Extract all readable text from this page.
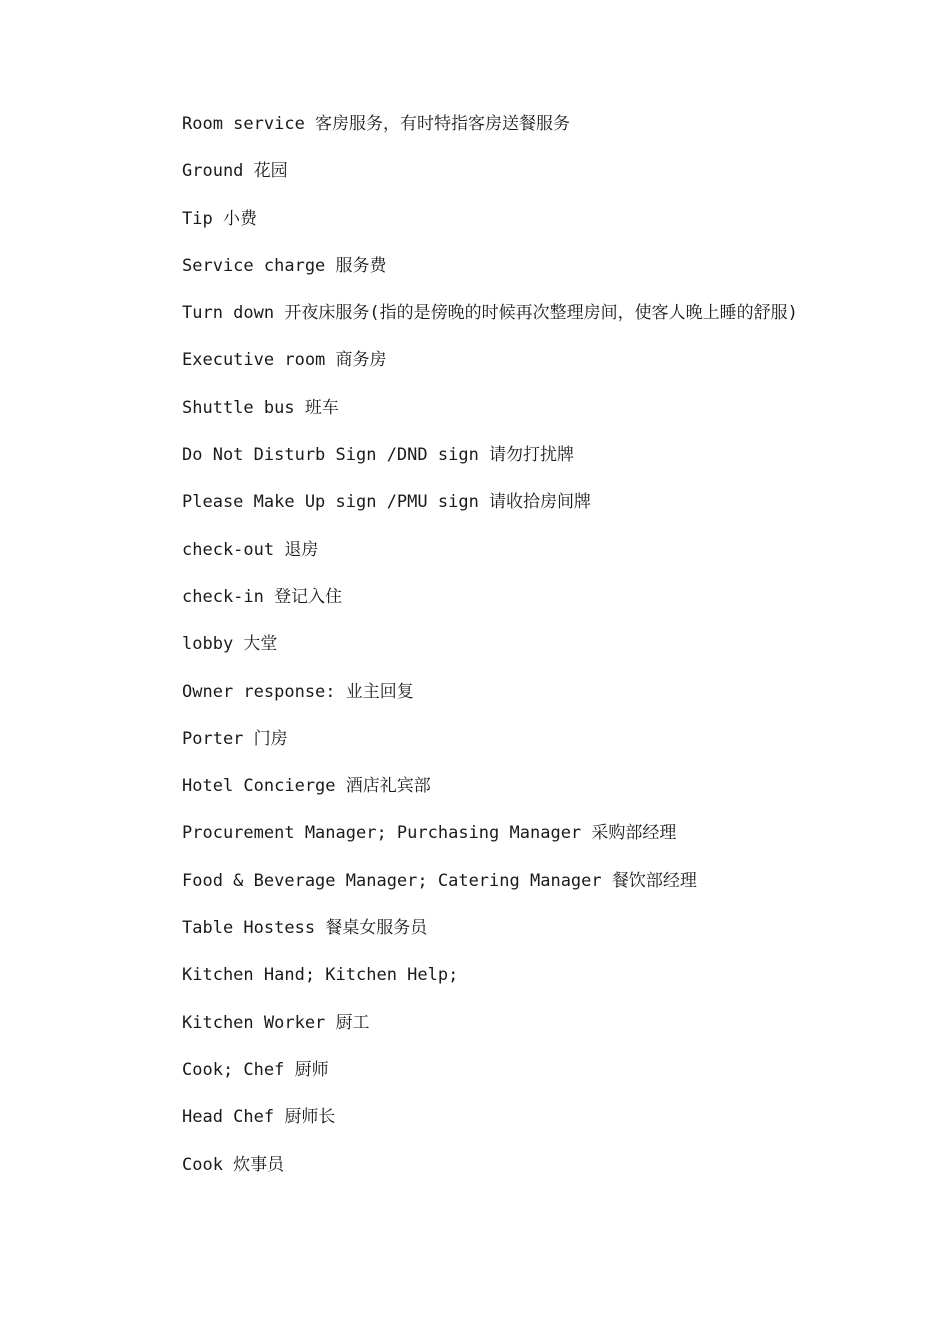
Room service 客房服务，有时特指客房送餐服务

Ground 花园

Tip 小费

Service charge 服务费

Turn down 开夜床服务(指的是傍晚的时候再次整理房间，使客人晚上睡的舒服)

Executive room 商务房

Shuttle bus 班车

Do Not Disturb Sign /DND sign 请勿打扰牌

Please Make Up sign /PMU sign 请收拾房间牌

check-out 退房

check-in 登记入住

lobby 大堂

Owner response: 业主回复

Porter 门房

Hotel Concierge 酒店礼宾部

Procurement Manager; Purchasing Manager 采购部经理

Food & Beverage Manager; Catering Manager 餐饮部经理

Table Hostess 餐桌女服务员

Kitchen Hand; Kitchen Help;

Kitchen Worker 厨工

Cook; Chef 厨师

Head Chef 厨师长

Cook 炊事员
